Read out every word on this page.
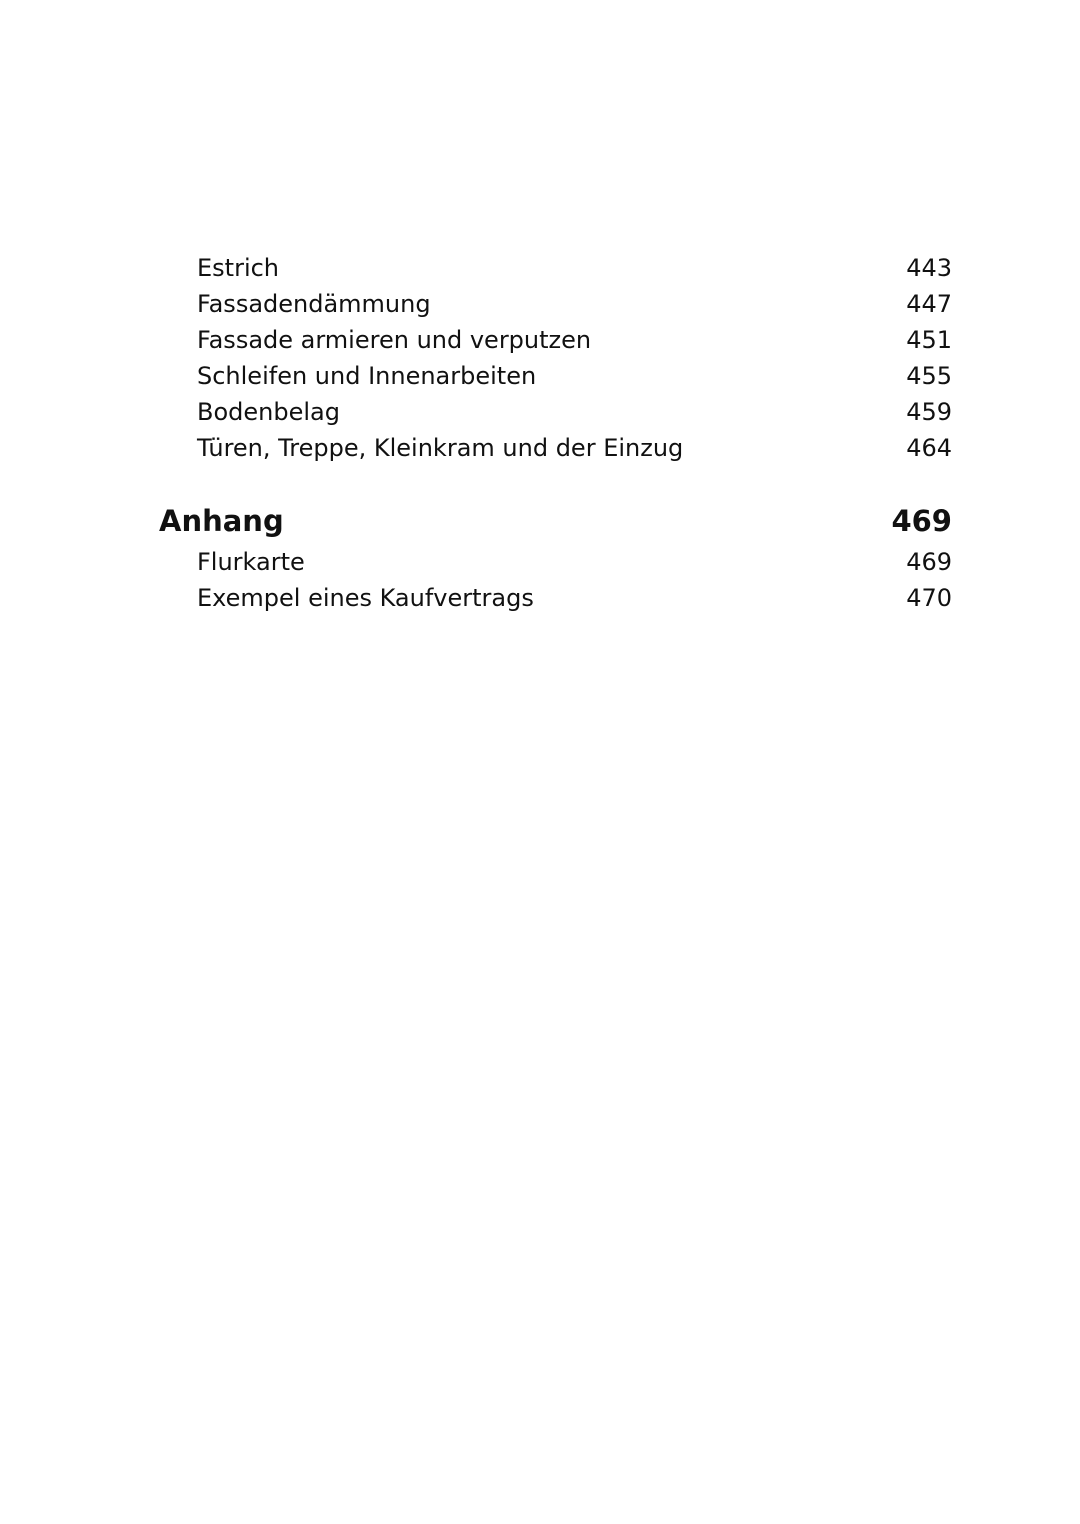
Estrich	443
Fassadendämmung	447
Fassade armieren und verputzen	451
Schleifen und Innenarbeiten	455
Bodenbelag	459
Türen, Treppe, Kleinkram und der Einzug	464
Anhang	469
Flurkarte	469
Exempel eines Kaufvertrags	470
